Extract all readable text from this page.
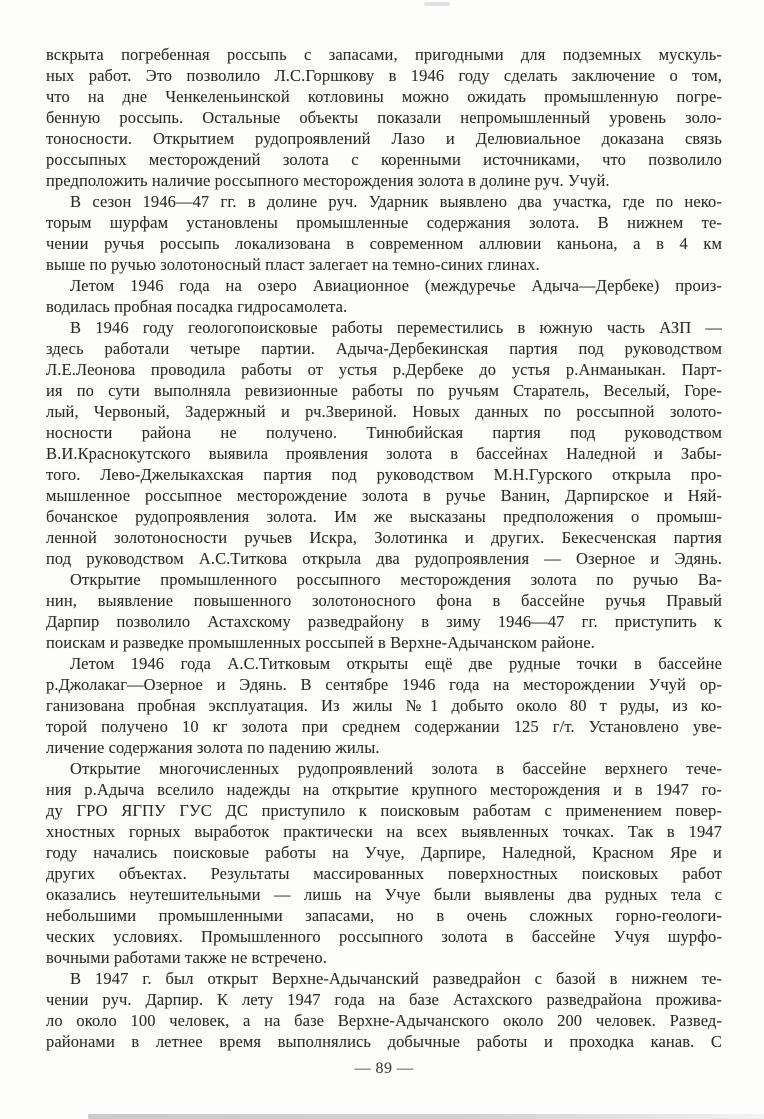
вскрыта погребенная россыпь с запасами, пригодными для подземных мускуль-
ных работ. Это позволило Л.С.Горшкову в 1946 году сделать заключение о том,
что на дне Ченкеленьинской котловины можно ожидать промышленную погре-
бенную россыпь. Остальные объекты показали непромышленный уровень золо-
тоносности. Открытием рудопроявлений Лазо и Делювиальное доказана связь
россыпных месторождений золота с коренными источниками, что позволило
предположить наличие россыпного месторождения золота в долине руч. Учуй.
В сезон 1946—47 гг. в долине руч. Ударник выявлено два участка, где по неко-
торым шурфам установлены промышленные содержания золота. В нижнем те-
чении ручья россыпь локализована в современном аллювии каньона, а в 4 км
выше по ручью золотоносный пласт залегает на темно-синих глинах.
Летом 1946 года на озеро Авиационное (междуречье Адыча—Дербеке) произ-
водилась пробная посадка гидросамолета.
В 1946 году геологопоисковые работы переместились в южную часть АЗП —
здесь работали четыре партии. Адыча-Дербекинская партия под руководством
Л.Е.Леонова проводила работы от устья р.Дербеке до устья р.Анманыкан. Парт-
ия по сути выполняла ревизионные работы по ручьям Старатель, Веселый, Горе-
лый, Червоный, Задержный и рч.Звериной. Новых данных по россыпной золото-
носности района не получено. Тинюбийская партия под руководством
В.И.Краснокутского выявила проявления золота в бассейнах Наледной и Забы-
того. Лево-Джелыкахская партия под руководством М.Н.Гурского открыла про-
мышленное россыпное месторождение золота в ручье Ванин, Дарпирское и Няй-
бочанское рудопроявления золота. Им же высказаны предположения о промыш-
ленной золотоносности ручьев Искра, Золотинка и других. Бекесченская партия
под руководством А.С.Титкова открыла два рудопроявления — Озерное и Эдянь.
Открытие промышленного россыпного месторождения золота по ручью Ва-
нин, выявление повышенного золотоносного фона в бассейне ручья Правый
Дарпир позволило Астахскому разведрайону в зиму 1946—47 гг. приступить к
поискам и разведке промышленных россыпей в Верхне-Адычанском районе.
Летом 1946 года А.С.Титковым открыты ещё две рудные точки в бассейне
р.Джолакаг—Озерное и Эдянь. В сентябре 1946 года на месторождении Учуй ор-
ганизована пробная эксплуатация. Из жилы №1 добыто около 80 т руды, из ко-
торой получено 10 кг золота при среднем содержании 125 г/т. Установлено уве-
личение содержания золота по падению жилы.
Открытие многочисленных рудопроявлений золота в бассейне верхнего тече-
ния р.Адыча вселило надежды на открытие крупного месторождения и в 1947 го-
ду ГРО ЯГПУ ГУС ДС приступило к поисковым работам с применением повер-
хностных горных выработок практически на всех выявленных точках. Так в 1947
году начались поисковые работы на Учуе, Дарпире, Наледной, Красном Яре и
других объектах. Результаты массированных поверхностных поисковых работ
оказались неутешительными — лишь на Учуе были выявлены два рудных тела с
небольшими промышленными запасами, но в очень сложных горно-геологи-
ческих условиях. Промышленного россыпного золота в бассейне Учуя шурфо-
вочными работами также не встречено.
В 1947 г. был открыт Верхне-Адычанский разведрайон с базой в нижнем те-
чении руч. Дарпир. К лету 1947 года на базе Астахского разведрайона прожива-
ло около 100 человек, а на базе Верхне-Адычанского около 200 человек. Развед-
районами в летнее время выполнялись добычные работы и проходка канав. С
— 89 —
